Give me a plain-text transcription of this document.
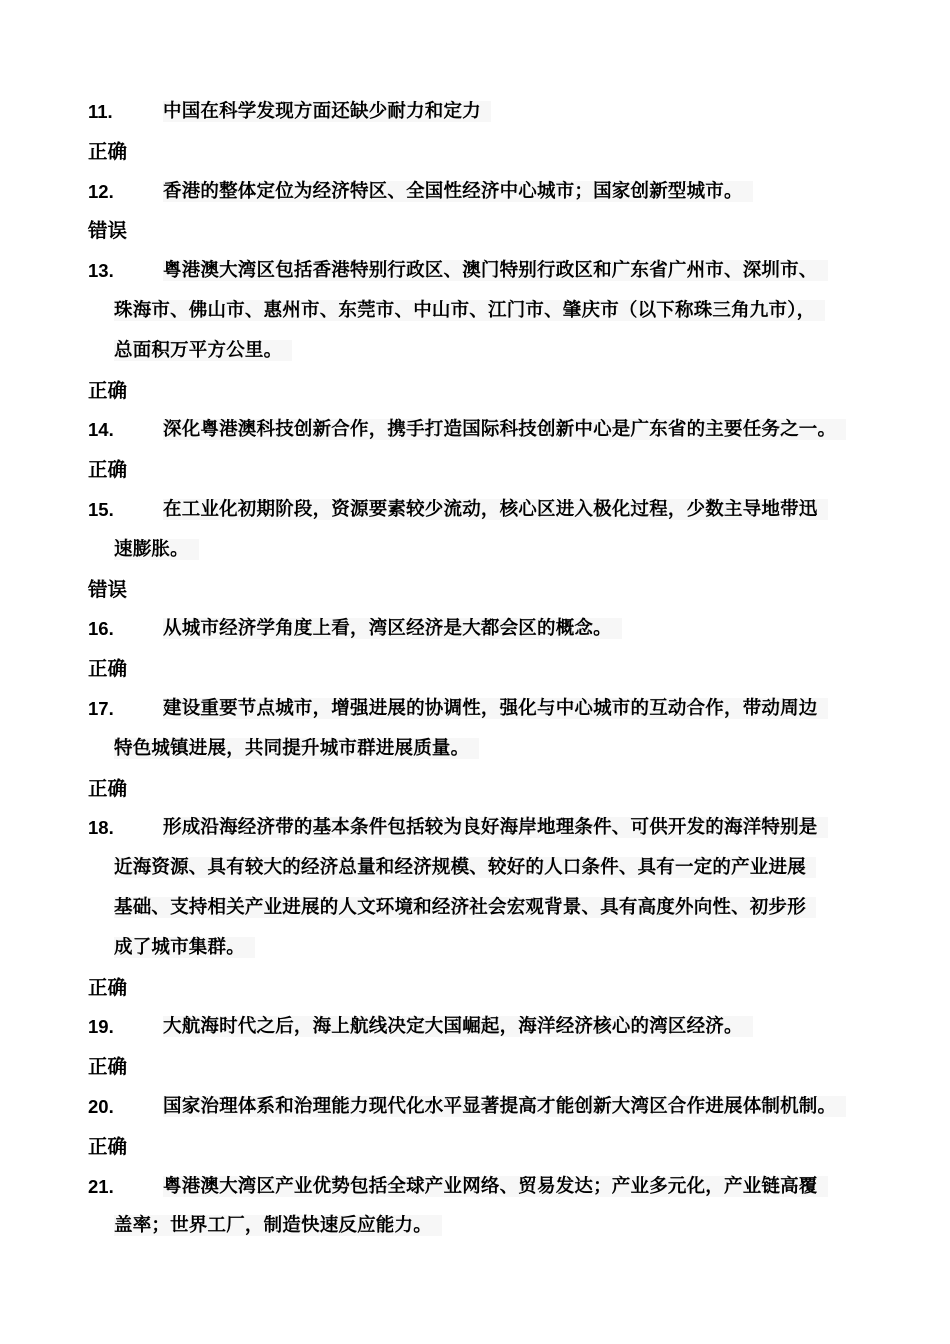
11.	中国在科学发现方面还缺少耐力和定力
正确
12.	香港的整体定位为经济特区、全国性经济中心城市；国家创新型城市。
错误
13.	粤港澳大湾区包括香港特别行政区、澳门特别行政区和广东省广州市、深圳市、
珠海市、佛山市、惠州市、东莞市、中山市、江门市、肇庆市（以下称珠三角九市），
总面积万平方公里。
正确
14.	深化粤港澳科技创新合作，携手打造国际科技创新中心是广东省的主要任务之一。
正确
15.	在工业化初期阶段，资源要素较少流动，核心区进入极化过程，少数主导地带迅
速膨胀。
错误
16.	从城市经济学角度上看，湾区经济是大都会区的概念。
正确
17.	建设重要节点城市，增强进展的协调性，强化与中心城市的互动合作，带动周边
特色城镇进展，共同提升城市群进展质量。
正确
18.	形成沿海经济带的基本条件包括较为良好海岸地理条件、可供开发的海洋特别是
近海资源、具有较大的经济总量和经济规模、较好的人口条件、具有一定的产业进展
基础、支持相关产业进展的人文环境和经济社会宏观背景、具有高度外向性、初步形
成了城市集群。
正确
19.	大航海时代之后，海上航线决定大国崛起，海洋经济核心的湾区经济。
正确
20.	国家治理体系和治理能力现代化水平显著提高才能创新大湾区合作进展体制机制。
正确
21.	粤港澳大湾区产业优势包括全球产业网络、贸易发达；产业多元化，产业链高覆
盖率；世界工厂，制造快速反应能力。
